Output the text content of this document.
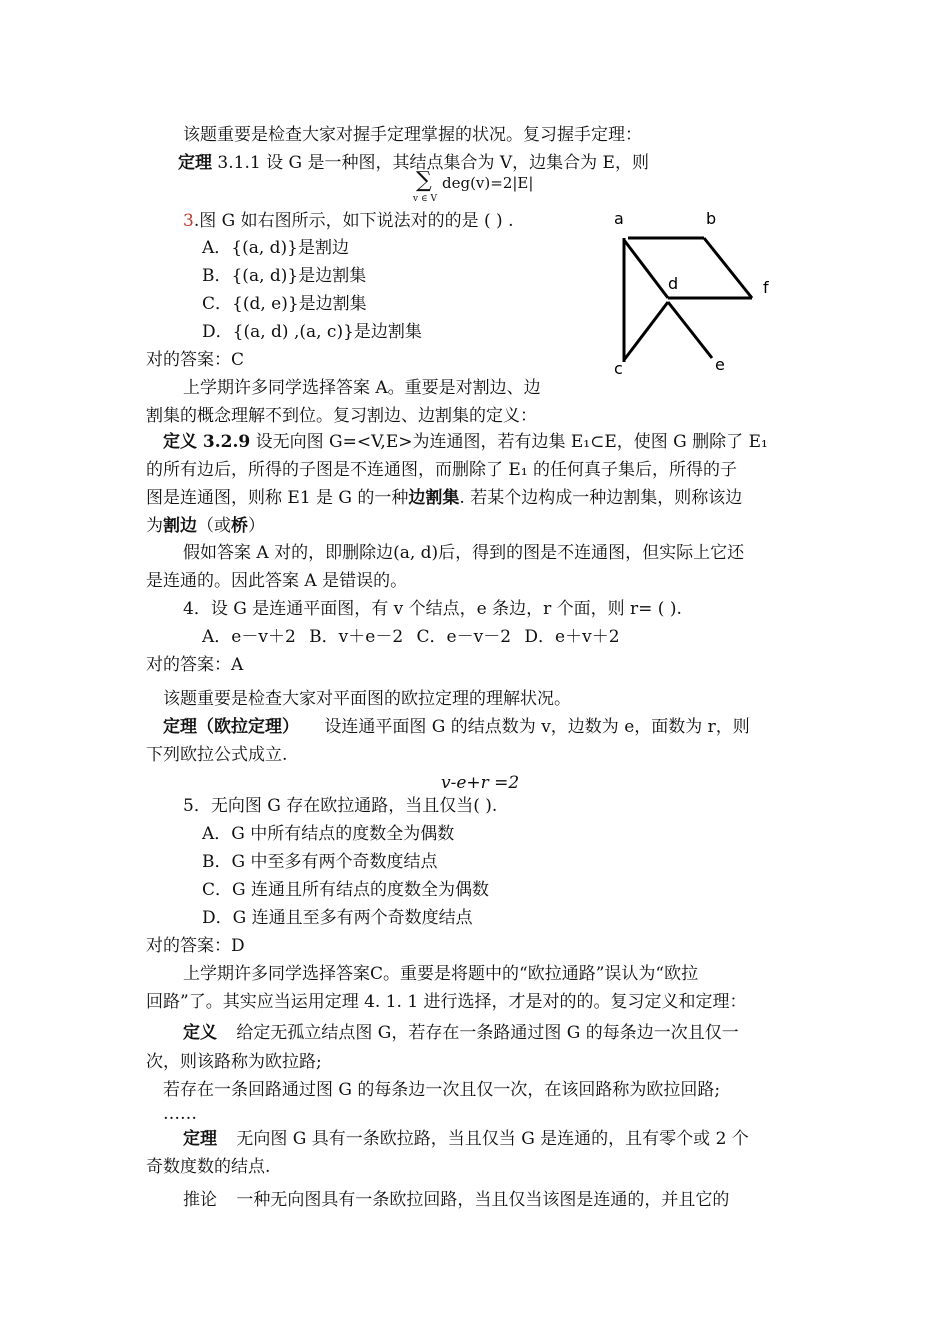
该题重要是检查大家对握手定理掌握的状况。复习握手定理：
定理 3.1.1 设 G 是一种图，其结点集合为 V，边集合为 E，则
∑
v ∈ V
deg(v)=2|E|
3.图 G 如右图所示，如下说法对的的是 ( ) .
A．{(a, d)}是割边
B．{(a, d)}是边割集
C．{(d, e)}是边割集
D．{(a, d) ,(a, c)}是边割集
对的答案：C
上学期许多同学选择答案 A。重要是对割边、边
割集的概念理解不到位。复习割边、边割集的定义：
a	b
d	f
c	e
定义 3.2.9 设无向图 G=<V,E>为连通图，若有边集 E₁⊂E，使图 G 删除了 E₁
的所有边后，所得的子图是不连通图，而删除了 E₁ 的任何真子集后，所得的子
图是连通图，则称 E1 是 G 的一种边割集. 若某个边构成一种边割集，则称该边
为割边（或桥）
假如答案 A 对的，即删除边(a, d)后，得到的图是不连通图，但实际上它还
是连通的。因此答案 A 是错误的。
4．设 G 是连通平面图，有 v 个结点，e 条边，r 个面，则 r= ( ).
A．e－v＋2 B．v＋e－2 C．e－v－2 D．e＋v＋2
对的答案：A
该题重要是检查大家对平面图的欧拉定理的理解状况。
定理（欧拉定理） 设连通平面图 G 的结点数为 v，边数为 e，面数为 r，则
下列欧拉公式成立.
v-e+r =2
5．无向图 G 存在欧拉通路，当且仅当( ).
A．G 中所有结点的度数全为偶数
B．G 中至多有两个奇数度结点
C．G 连通且所有结点的度数全为偶数
D．G 连通且至多有两个奇数度结点
对的答案：D
上学期许多同学选择答案C。重要是将题中的“欧拉通路”误认为“欧拉
回路”了。其实应当运用定理 4. 1. 1 进行选择，才是对的的。复习定义和定理：
定义 给定无孤立结点图 G，若存在一条路通过图 G 的每条边一次且仅一
次，则该路称为欧拉路;
若存在一条回路通过图 G 的每条边一次且仅一次，在该回路称为欧拉回路;
……
定理 无向图 G 具有一条欧拉路，当且仅当 G 是连通的，且有零个或 2 个
奇数度数的结点.
推论 一种无向图具有一条欧拉回路，当且仅当该图是连通的，并且它的
